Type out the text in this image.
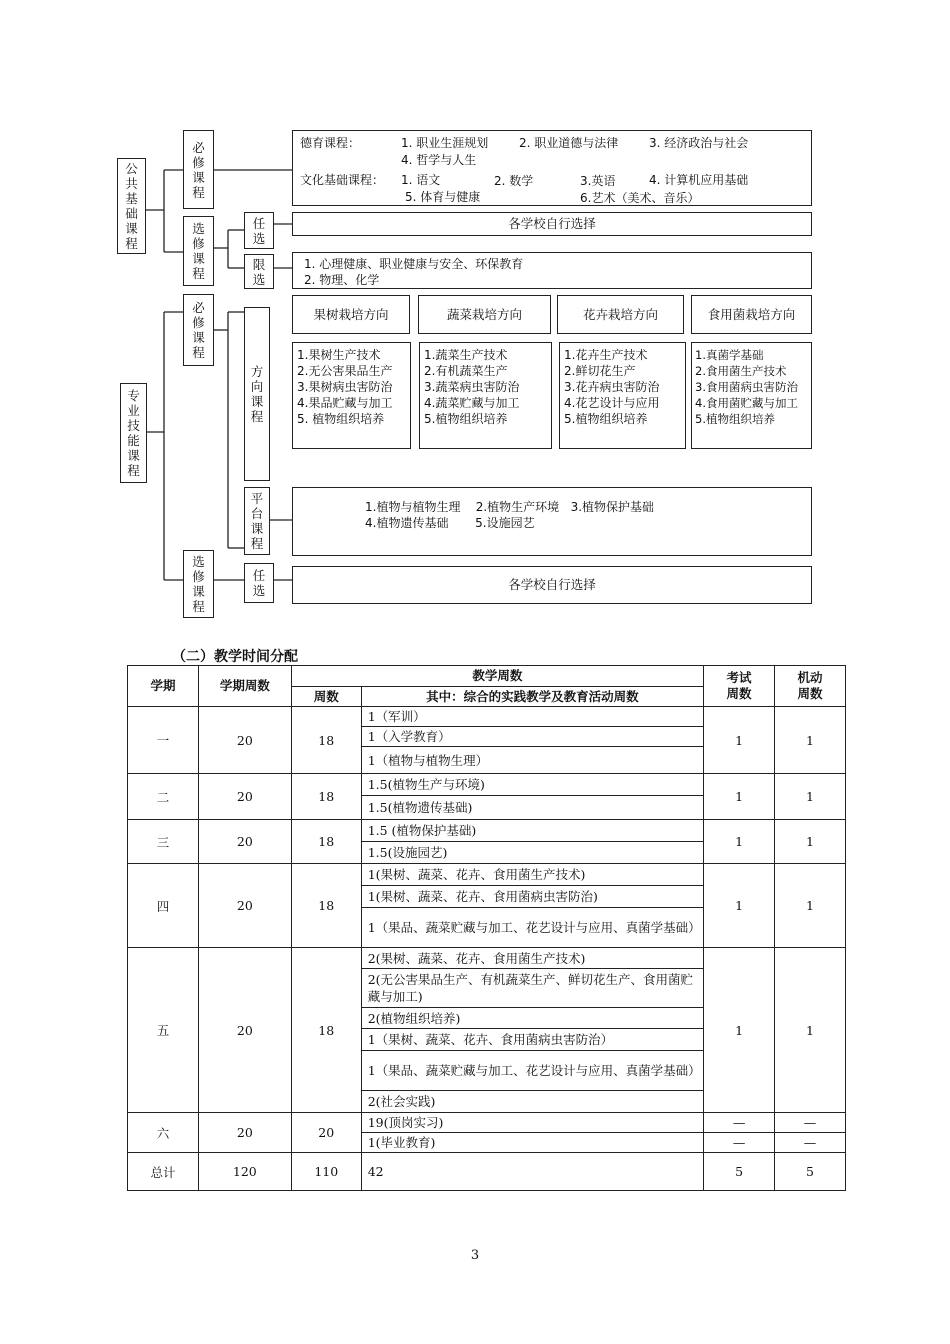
公
共
基
础
课
程
必
修
课
程
选
修
课
程
任
选
限
选
专
业
技
能
课
程
必
修
课
程
方
向
课
程
平
台
课
程
选
修
课
程
任
选
德育课程：	1. 职业生涯规划	2. 职业道德与法律	3. 经济政治与社会
4. 哲学与人生
文化基础课程： 1. 语文	2. 数学	3.英语	4. 计算机应用基础
5. 体育与健康	6.艺术（美术、音乐）
各学校自行选择
1. 心理健康、职业健康与安全、环保教育
2. 物理、化学
果树栽培方向	蔬菜栽培方向	花卉栽培方向	食用菌栽培方向
1.果树生产技术
2.无公害果品生产
3.果树病虫害防治
4.果品贮藏与加工
5. 植物组织培养
1.蔬菜生产技术
2.有机蔬菜生产
3.蔬菜病虫害防治
4.蔬菜贮藏与加工
5.植物组织培养
1.花卉生产技术
2.鲜切花生产
3.花卉病虫害防治
4.花艺设计与应用
5.植物组织培养
1.真菌学基础
2.食用菌生产技术
3.食用菌病虫害防治
4.食用菌贮藏与加工
5.植物组织培养
1.植物与植物生理    2.植物生产环境   3.植物保护基础
4.植物遗传基础       5.设施园艺
各学校自行选择
（二）教学时间分配
学期	学期周数	教学周数		考试周数	机动周数
		周数	其中：综合的实践教学及教育活动周数		
一	20	18	1（军训）	1	1
			1（入学教育）		
			1（植物与植物生理）		
二	20	18	1.5(植物生产与环境)	1	1
			1.5(植物遗传基础)		
三	20	18	1.5 (植物保护基础)	1	1
			1.5(设施园艺)		
四	20	18	1(果树、蔬菜、花卉、食用菌生产技术)	1	1
			1(果树、蔬菜、花卉、食用菌病虫害防治)		
			1（果品、蔬菜贮藏与加工、花艺设计与应用、真菌学基础）		
五	20	18	2(果树、蔬菜、花卉、食用菌生产技术)	1	1
			2(无公害果品生产、有机蔬菜生产、鲜切花生产、食用菌贮藏与加工)		
			2(植物组织培养)		
			1（果树、蔬菜、花卉、食用菌病虫害防治）		
			1（果品、蔬菜贮藏与加工、花艺设计与应用、真菌学基础）		
			2(社会实践)		
六	20	20	19(顶岗实习)	—	—
			1(毕业教育)	—	—
总计	120	110	42	5	5
3
